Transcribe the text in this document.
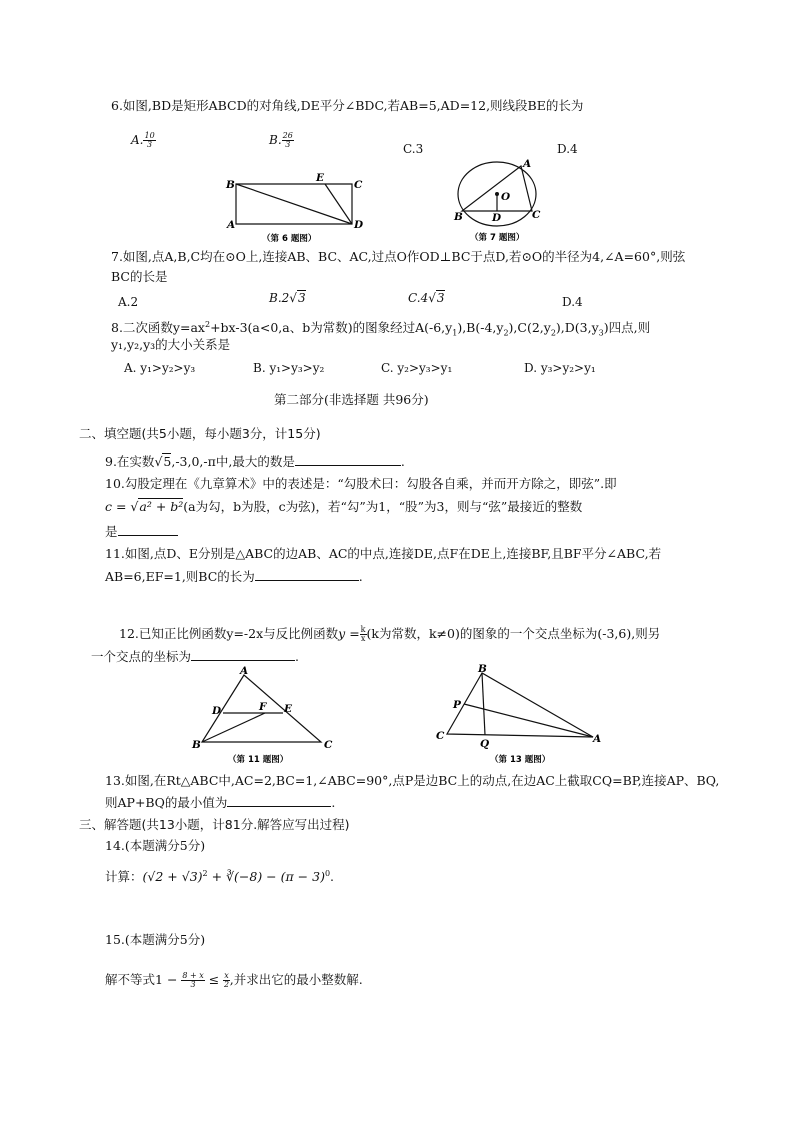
6.如图,BD是矩形ABCD的对角线,DE平分∠BDC,若AB=5,AD=12,则线段BE的长为
A. $\frac{10}{3}$	B. $\frac{26}{3}$	C.3	D.4
B
A
C
D
E
（第 6 题图）
A
O
B	D	C
（第 7 题图）
7.如图,点A,B,C均在⊙O上,连接AB、BC、AC,过点O作OD⊥BC于点D,若⊙O的半径为4,∠A=60°,则弦
BC的长是
A.2	B.2√3	C.4√3	D.4
8.二次函数$y=ax^2+bx-3(a<0,a$、b为常数)的图象经过$A(-6,y_1),B(-4,y_2),C(2,y_2),D(3,y_3)$四点,则
y₁,y₂,y₃的大小关系是
A. y₁>y₂>y₃	B. y₁>y₃>y₂	C. y₂>y₃>y₁	D. y₃>y₂>y₁
第二部分(非选择题 共96分)
二、填空题(共5小题，每小题3分，计15分)
9.在实数√5,-3,0,-π中,最大的数是	.
10.勾股定理在《九章算术》中的表述是：“勾股术曰：勾股各自乘，并而开方除之，即弦”.即
c = √a² + b²(a为勾，b为股，c为弦)，若“勾”为1，“股”为3，则与“弦”最接近的整数
是
11.如图,点D、E分别是△ABC的边AB、AC的中点,连接DE,点F在DE上,连接BF,且BF平分∠ABC,若
AB=6,EF=1,则BC的长为	.
12.已知正比例函数y=-2x与反比例函数$y = \frac{k}{x} (k$为常数，k≠0)的图象的一个交点坐标为(-3,6),则另
一个交点的坐标为	.
A
D	F E
B	C
（第 11 题图）
B
P
C
Q	A
（第 13 题图）
13.如图,在Rt△ABC中,AC=2,BC=1,∠ABC=90°,点P是边BC上的动点,在边AC上截取CQ=BP,连接AP、BQ,
则AP+BQ的最小值为	.
三、解答题(共13小题，计81分.解答应写出过程)
14.(本题满分5分)
计算：$(√2 + √3)^2$ + ∛(−8) − $(\pi - 3)^0$.
15.(本题满分5分)
解不等式$1 - \frac{8 + x}{3} \le \frac{x}{2}$ ,并求出它的最小整数解.
